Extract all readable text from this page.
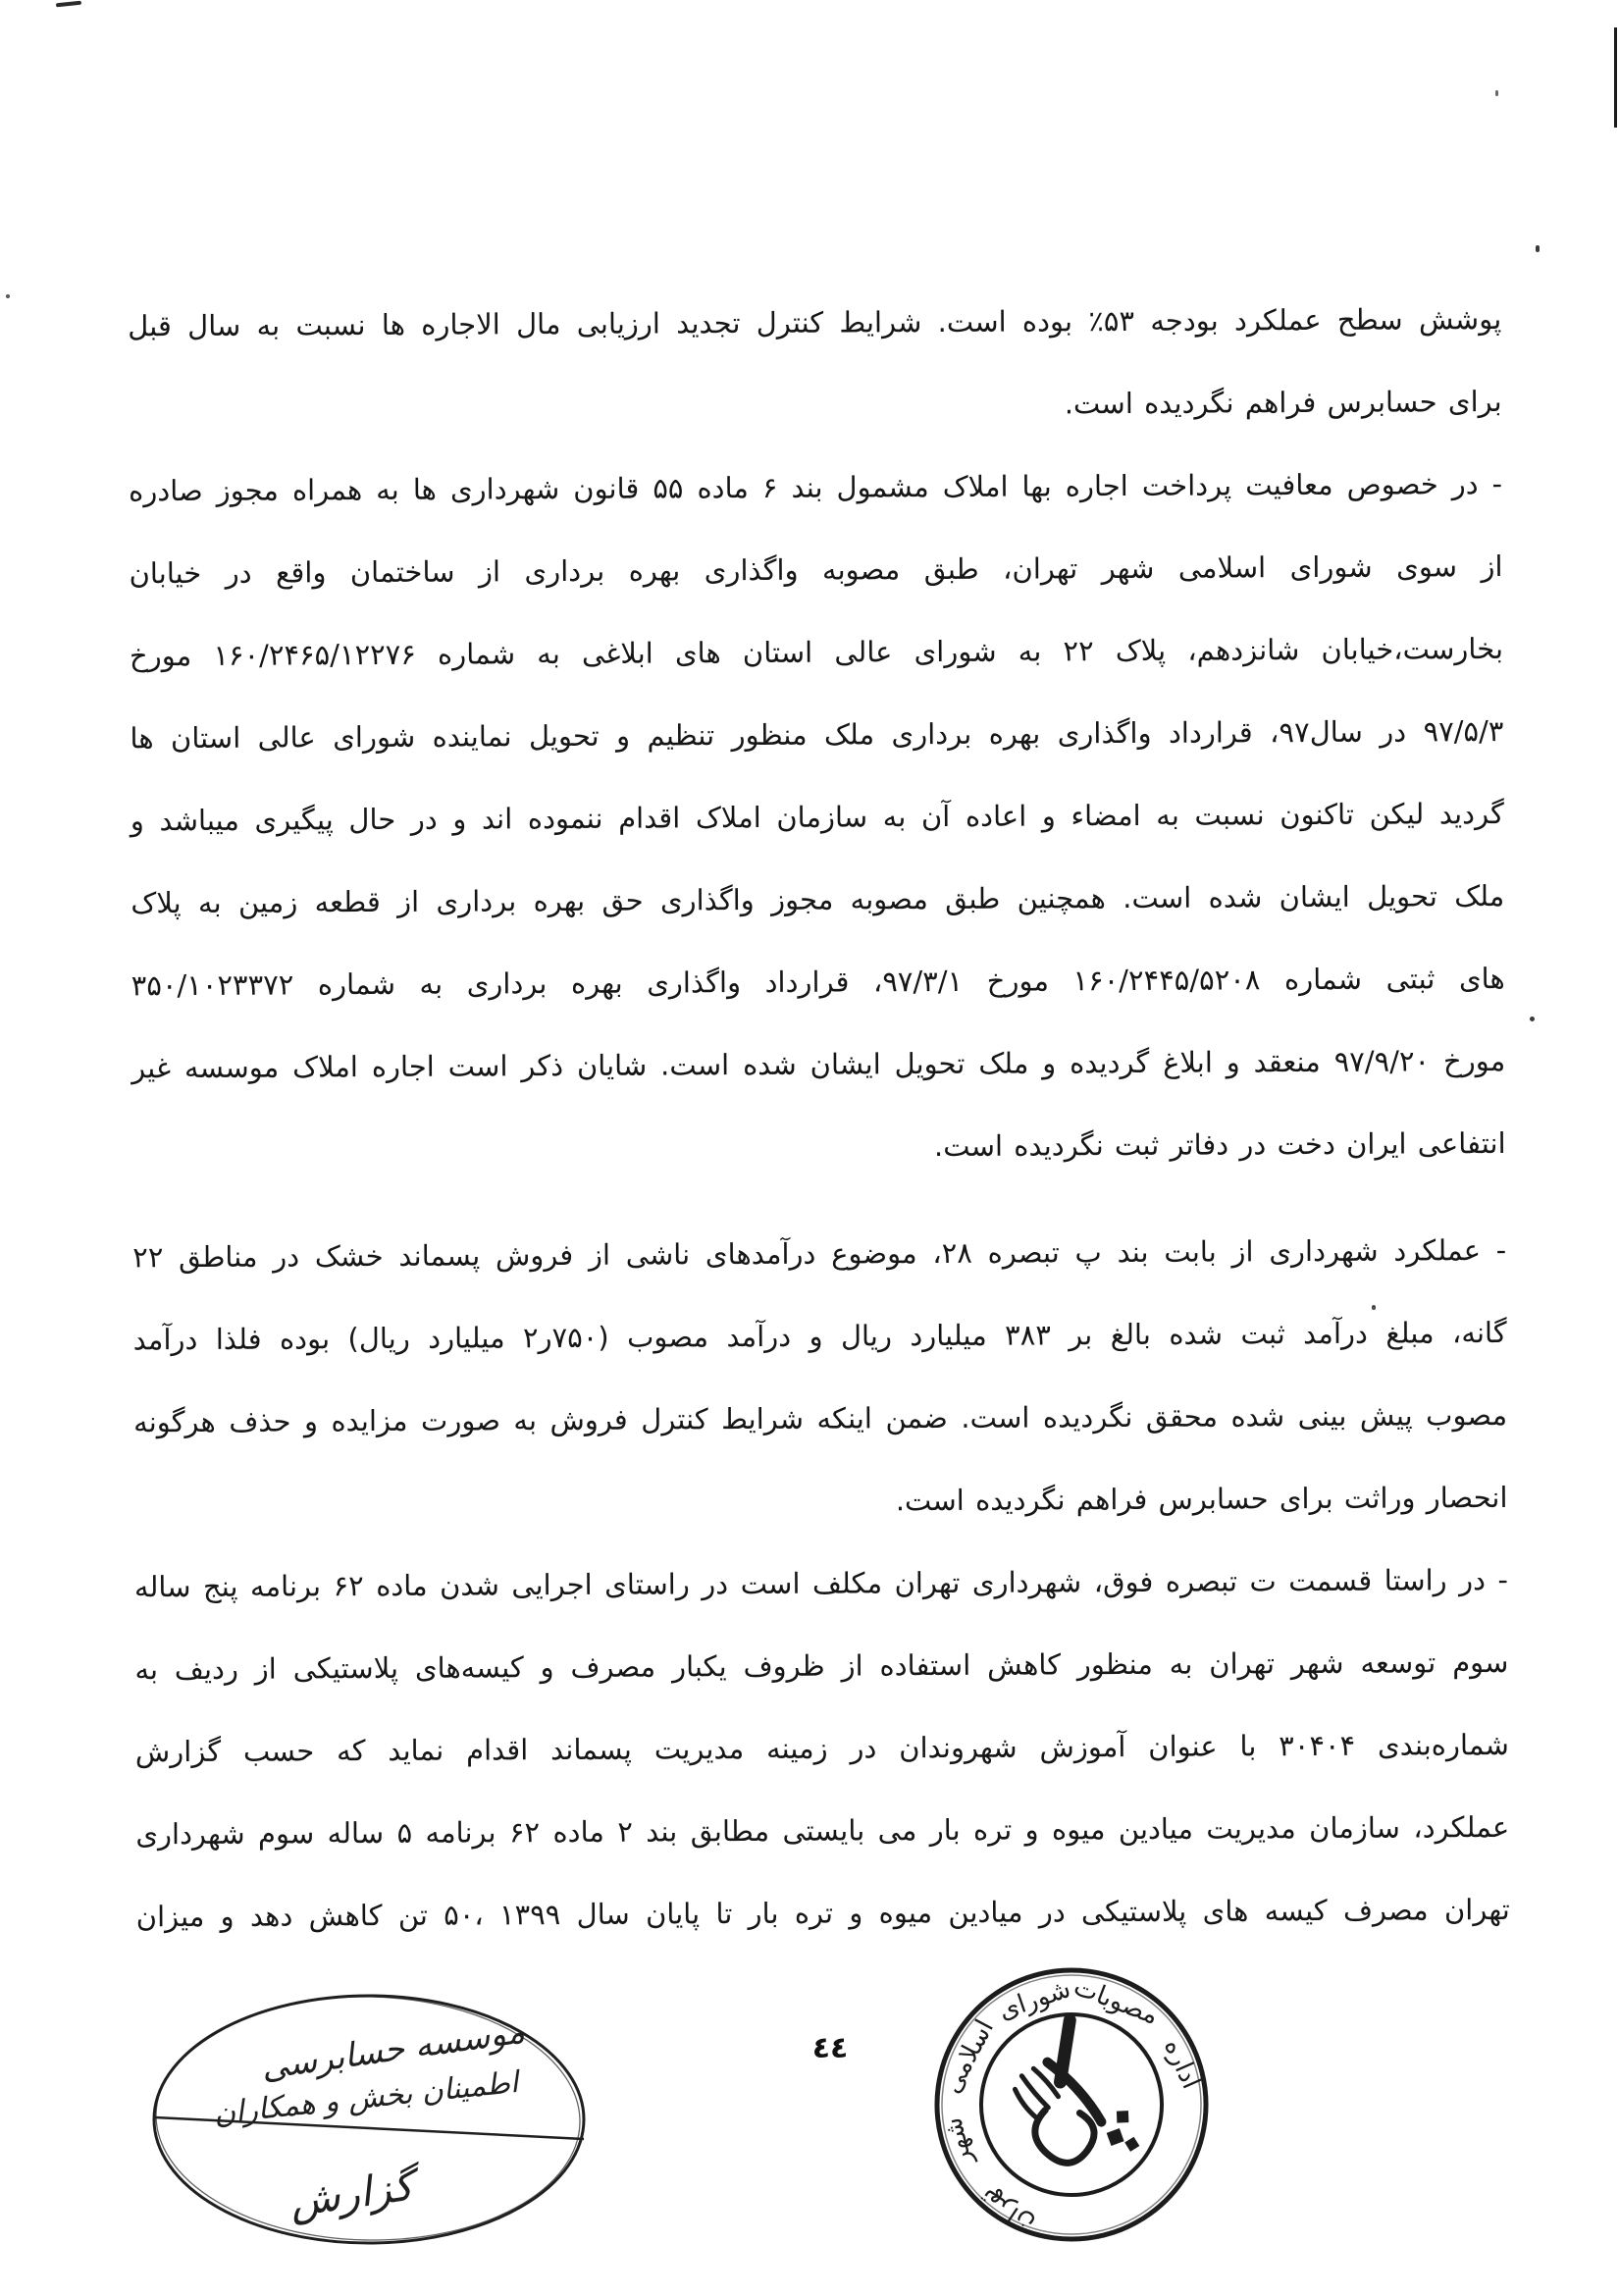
پوشش سطح عملکرد بودجه ۵۳٪ بوده است. شرایط کنترل تجدید ارزیابی مال الاجاره ها نسبت به سال قبل
برای حسابرس فراهم نگردیده است.
- در خصوص معافیت پرداخت اجاره بها املاک مشمول بند ۶ ماده ۵۵ قانون شهرداری ها به همراه مجوز صادره
از سوی شورای اسلامی شهر تهران، طبق مصوبه واگذاری بهره برداری از ساختمان واقع در خیابان
بخارست،خیابان شانزدهم، پلاک ۲۲ به شورای عالی استان های ابلاغی به شماره ۱۶۰/۲۴۶۵/۱۲۲۷۶ مورخ
۹۷/۵/۳ در سال۹۷، قرارداد واگذاری بهره برداری ملک منظور تنظیم و تحویل نماینده شورای عالی استان ها
گردید لیکن تاکنون نسبت به امضاء و اعاده آن به سازمان املاک اقدام ننموده اند و در حال پیگیری میباشد و
ملک تحویل ایشان شده است. همچنین طبق مصوبه مجوز واگذاری حق بهره برداری از قطعه زمین به پلاک
های ثبتی شماره ۱۶۰/۲۴۴۵/۵۲۰۸ مورخ ۹۷/۳/۱، قرارداد واگذاری بهره برداری به شماره ۳۵۰/۱۰۲۳۳۷۲
مورخ ۹۷/۹/۲۰ منعقد و ابلاغ گردیده و ملک تحویل ایشان شده است. شایان ذکر است اجاره املاک موسسه غیر
انتفاعی ایران دخت در دفاتر ثبت نگردیده است.
- عملکرد شهرداری از بابت بند پ تبصره ۲۸، موضوع درآمدهای ناشی از فروش پسماند خشک در مناطق ۲۲
گانه، مبلغ درآمد ثبت شده بالغ بر ۳۸۳ میلیارد ریال و درآمد مصوب (۷۵۰ر۲ میلیارد ریال) بوده فلذا درآمد
مصوب پیش بینی شده محقق نگردیده است. ضمن اینکه شرایط کنترل فروش به صورت مزایده و حذف هرگونه
انحصار وراثت برای حسابرس فراهم نگردیده است.
- در راستا قسمت ت تبصره فوق، شهرداری تهران مکلف است در راستای اجرایی شدن ماده ۶۲ برنامه پنج ساله
سوم توسعه شهر تهران به منظور کاهش استفاده از ظروف یکبار مصرف و کیسه‌های پلاستیکی از ردیف به
شماره‌بندی ۳۰۴۰۴ با عنوان آموزش شهروندان در زمینه مدیریت پسماند اقدام نماید که حسب گزارش
عملکرد، سازمان مدیریت میادین میوه و تره بار می بایستی مطابق بند ۲ ماده ۶۲ برنامه ۵ ساله سوم شهرداری
تهران مصرف کیسه های پلاستیکی در میادین میوه و تره بار تا پایان سال ۱۳۹۹ ،۵۰ تن کاهش دهد و میزان
٤٤
موسسه حسابرسی
اطمینان بخش و همکاران
گزارش
اداره
مصوبات
شورای
اسلامی
شهر
تهران
